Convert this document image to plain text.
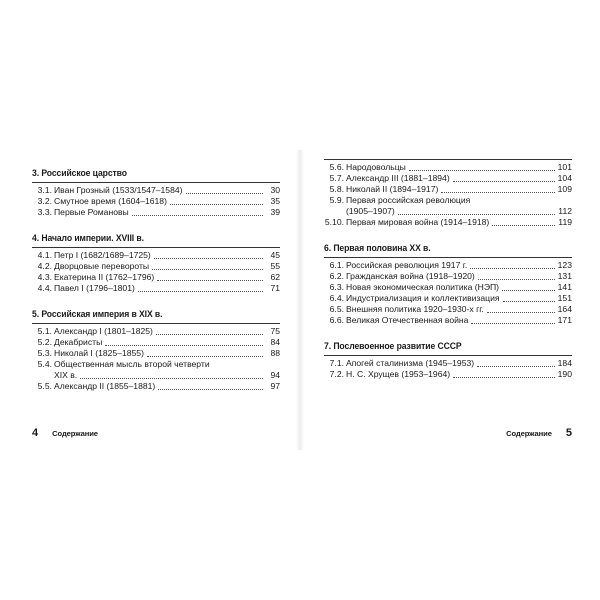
3. Российское царство
3.1. Иван Грозный (1533/1547–1584)	30
3.2. Смутное время (1604–1618)	35
3.3. Первые Романовы	39
4. Начало империи. XVIII в.
4.1. Петр I (1682/1689–1725)	45
4.2. Дворцовые перевороты	55
4.3. Екатерина II (1762–1796)	62
4.4. Павел I (1796–1801)	71
5. Российская империя в XIX в.
5.1. Александр I (1801–1825)	75
5.2. Декабристы	84
5.3. Николай I (1825–1855)	88
5.4. Общественная мысль второй четверти
XIX в.	94
5.5. Александр II (1855–1881)	97
4 Содержание
5.6. Народовольцы	101
5.7. Александр III (1881–1894)	104
5.8. Николай II (1894–1917)	109
5.9. Первая российская революция
(1905–1907)	112
5.10. Первая мировая война (1914–1918)	119
6. Первая половина XX в.
6.1. Российская революция 1917 г.	123
6.2. Гражданская война (1918–1920)	131
6.3. Новая экономическая политика (НЭП)	141
6.4. Индустриализация и коллективизация	151
6.5. Внешняя политика 1920–1930-х гг.	164
6.6. Великая Отечественная война	171
7. Послевоенное развитие СССР
7.1. Апогей сталинизма (1945–1953)	184
7.2. Н. С. Хрущев (1953–1964)	190
Содержание 5
